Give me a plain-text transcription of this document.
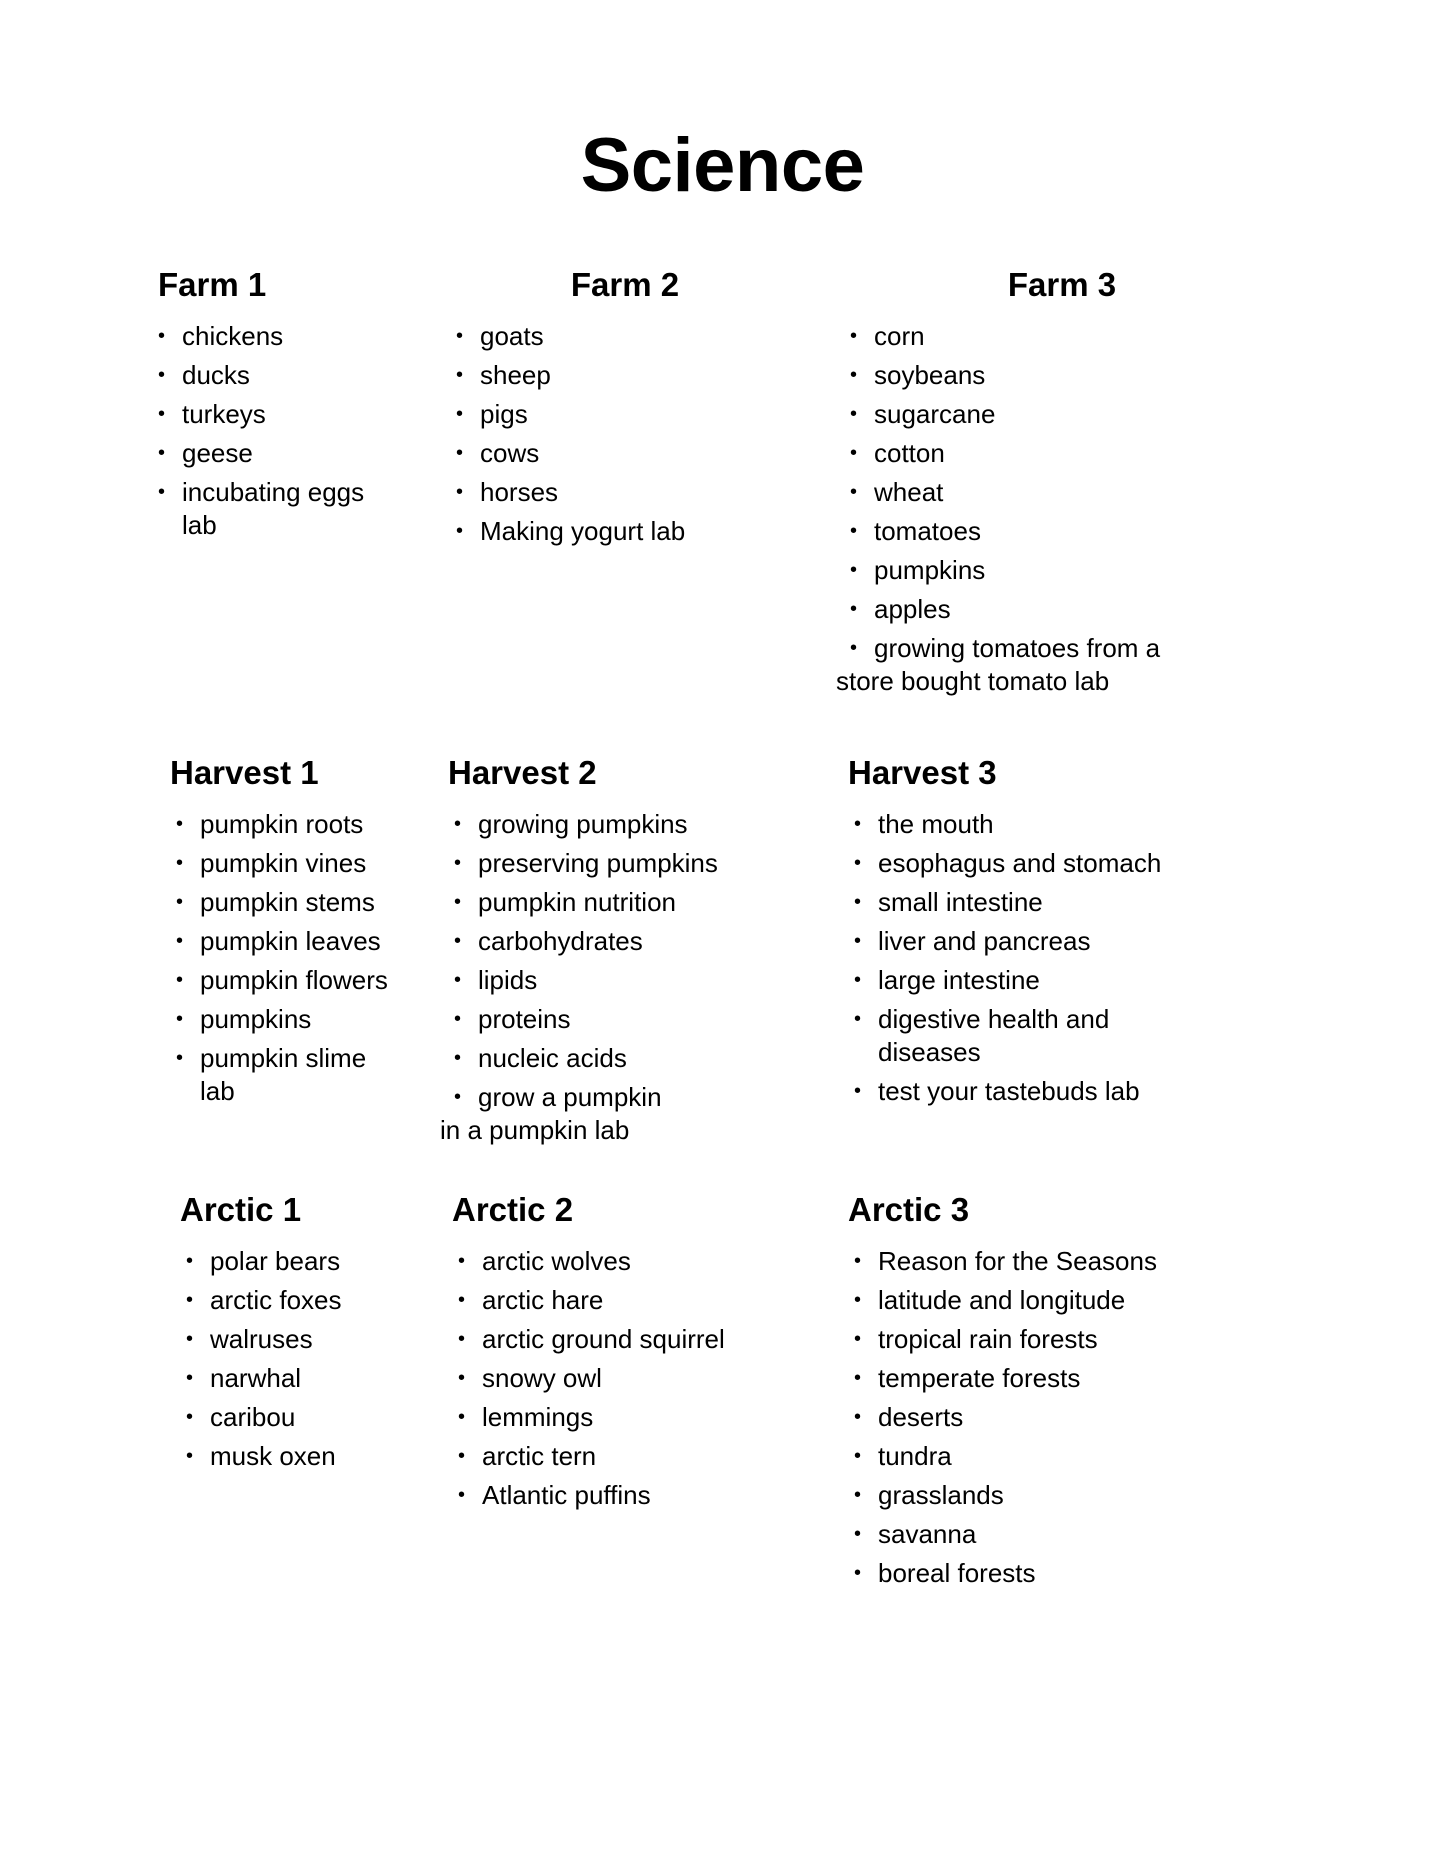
Science
Farm 1
• chickens
• ducks
• turkeys
• geese
• incubating eggs lab
Farm 2
• goats
• sheep
• pigs
• cows
• horses
• Making yogurt lab
Farm 3
• corn
• soybeans
• sugarcane
• cotton
• wheat
• tomatoes
• pumpkins
• apples
• growing tomatoes from a
store bought tomato lab
Harvest 1
• pumpkin roots
• pumpkin vines
• pumpkin stems
• pumpkin leaves
• pumpkin flowers
• pumpkins
• pumpkin slime lab
Harvest 2
• growing pumpkins
• preserving pumpkins
• pumpkin nutrition
• carbohydrates
• lipids
• proteins
• nucleic acids
• grow a pumpkin
in a pumpkin lab
Harvest 3
• the mouth
• esophagus and stomach
• small intestine
• liver and pancreas
• large intestine
• digestive health and
diseases
• test your tastebuds lab
Arctic 1
• polar bears
• arctic foxes
• walruses
• narwhal
• caribou
• musk oxen
Arctic 2
• arctic wolves
• arctic hare
• arctic ground squirrel
• snowy owl
• lemmings
• arctic tern
• Atlantic puffins
Arctic 3
• Reason for the Seasons
• latitude and longitude
• tropical rain forests
• temperate forests
• deserts
• tundra
• grasslands
• savanna
• boreal forests
